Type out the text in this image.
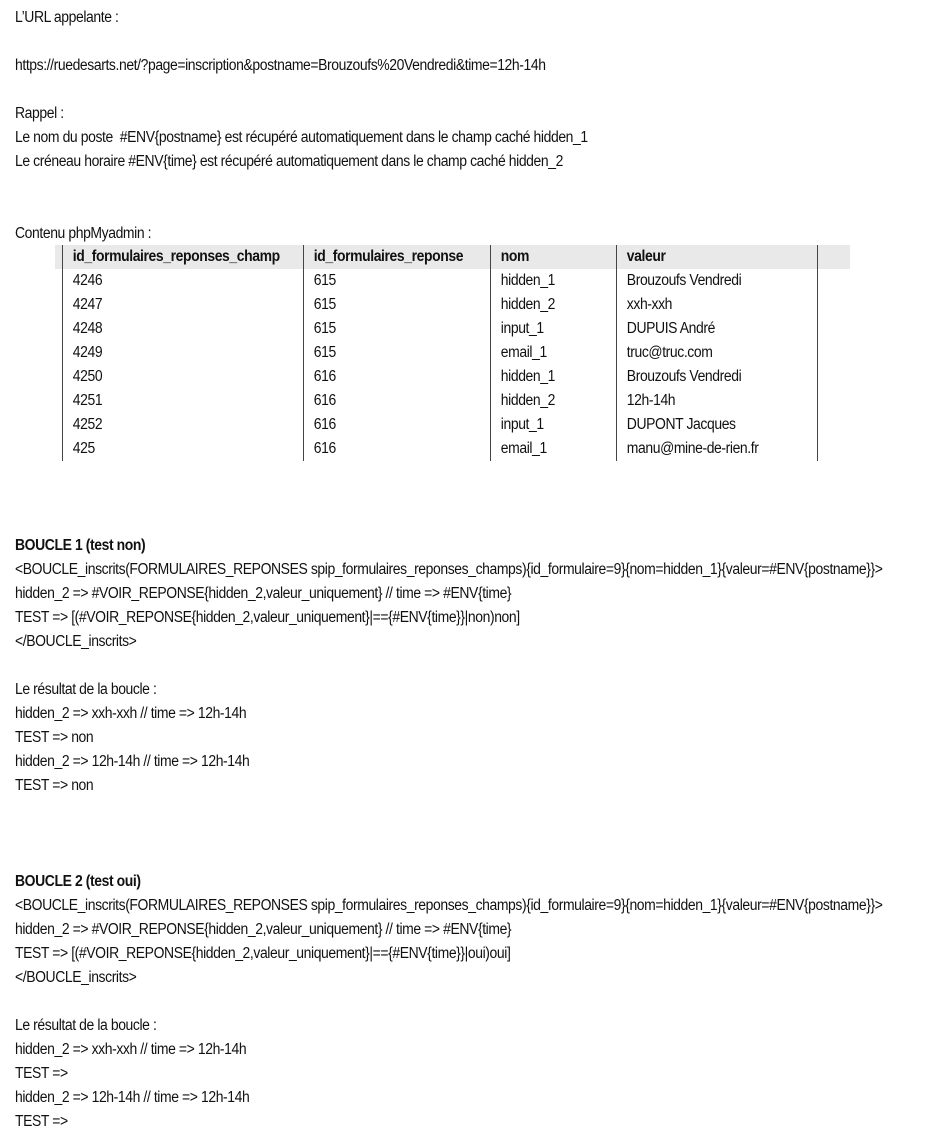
L’URL appelante :

https://ruedesarts.net/?page=inscription&postname=Brouzoufs%20Vendredi&time=12h-14h

Rappel :

Le nom du poste  #ENV{postname} est récupéré automatiquement dans le champ caché hidden_1

Le créneau horaire #ENV{time} est récupéré automatiquement dans le champ caché hidden_2

Contenu phpMyadmin :

BOUCLE 1 (test non)

<BOUCLE_inscrits(FORMULAIRES_REPONSES spip_formulaires_reponses_champs){id_formulaire=9}{nom=hidden_1}{valeur=#ENV{postname}}>

hidden_2 => #VOIR_REPONSE{hidden_2,valeur_uniquement} // time => #ENV{time}

TEST => [(#VOIR_REPONSE{hidden_2,valeur_uniquement}|=={#ENV{time}}|non)non]

</BOUCLE_inscrits>

Le résultat de la boucle :

hidden_2 => xxh-xxh // time => 12h-14h

TEST => non

hidden_2 => 12h-14h // time => 12h-14h

TEST => non

BOUCLE 2 (test oui)

<BOUCLE_inscrits(FORMULAIRES_REPONSES spip_formulaires_reponses_champs){id_formulaire=9}{nom=hidden_1}{valeur=#ENV{postname}}>

hidden_2 => #VOIR_REPONSE{hidden_2,valeur_uniquement} // time => #ENV{time}

TEST => [(#VOIR_REPONSE{hidden_2,valeur_uniquement}|=={#ENV{time}}|oui)oui]

</BOUCLE_inscrits>

Le résultat de la boucle :

hidden_2 => xxh-xxh // time => 12h-14h

TEST =>

hidden_2 => 12h-14h // time => 12h-14h

TEST =>

	id_formulaires_reponses_champ	id_formulaires_reponse	nom	valeur	
	4246	615	hidden_1	Brouzoufs Vendredi	
	4247	615	hidden_2	xxh-xxh	
	4248	615	input_1	DUPUIS André	
	4249	615	email_1	truc@truc.com	
	4250	616	hidden_1	Brouzoufs Vendredi	
	4251	616	hidden_2	12h-14h	
	4252	616	input_1	DUPONT Jacques	
	425	616	email_1	manu@mine-de-rien.fr	
